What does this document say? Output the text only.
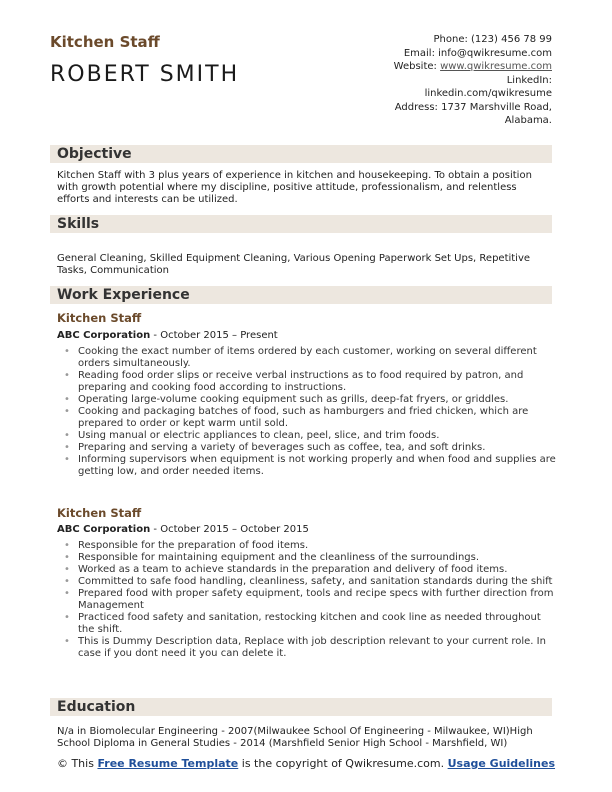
Kitchen Staff
ROBERT SMITH
Phone: (123) 456 78 99
Email: info@qwikresume.com
Website: www.qwikresume.com
LinkedIn:
linkedin.com/qwikresume
Address: 1737 Marshville Road,
Alabama.
Objective
Kitchen Staff with 3 plus years of experience in kitchen and housekeeping. To obtain a position with growth potential where my discipline, positive attitude, professionalism, and relentless efforts and interests can be utilized.
Skills
General Cleaning, Skilled Equipment Cleaning, Various Opening Paperwork Set Ups, Repetitive Tasks, Communication
Work Experience
Kitchen Staff
ABC Corporation - October 2015 – Present
• Cooking the exact number of items ordered by each customer, working on several different orders simultaneously.
• Reading food order slips or receive verbal instructions as to food required by patron, and preparing and cooking food according to instructions.
• Operating large-volume cooking equipment such as grills, deep-fat fryers, or griddles.
• Cooking and packaging batches of food, such as hamburgers and fried chicken, which are prepared to order or kept warm until sold.
• Using manual or electric appliances to clean, peel, slice, and trim foods.
• Preparing and serving a variety of beverages such as coffee, tea, and soft drinks.
• Informing supervisors when equipment is not working properly and when food and supplies are getting low, and order needed items.
Kitchen Staff
ABC Corporation - October 2015 – October 2015
• Responsible for the preparation of food items.
• Responsible for maintaining equipment and the cleanliness of the surroundings.
• Worked as a team to achieve standards in the preparation and delivery of food items.
• Committed to safe food handling, cleanliness, safety, and sanitation standards during the shift
• Prepared food with proper safety equipment, tools and recipe specs with further direction from Management
• Practiced food safety and sanitation, restocking kitchen and cook line as needed throughout the shift.
• This is Dummy Description data, Replace with job description relevant to your current role. In case if you dont need it you can delete it.
Education
N/a in Biomolecular Engineering - 2007(Milwaukee School Of Engineering - Milwaukee, WI)High School Diploma in General Studies - 2014 (Marshfield Senior High School - Marshfield, WI)
© This Free Resume Template is the copyright of Qwikresume.com. Usage Guidelines
